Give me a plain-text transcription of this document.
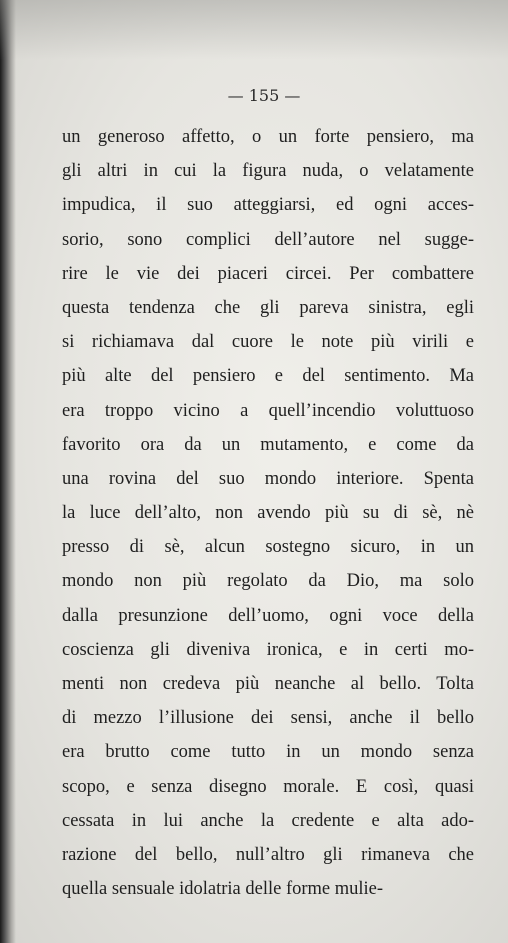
— 155 —
un generoso affetto, o un forte pensiero, ma
gli altri in cui la figura nuda, o velatamente
impudica, il suo atteggiarsi, ed ogni acces-
sorio, sono complici dell’autore nel sugge-
rire le vie dei piaceri circei. Per combattere
questa tendenza che gli pareva sinistra, egli
si richiamava dal cuore le note più virili e
più alte del pensiero e del sentimento. Ma
era troppo vicino a quell’incendio voluttuoso
favorito ora da un mutamento, e come da
una rovina del suo mondo interiore. Spenta
la luce dell’alto, non avendo più su di sè, nè
presso di sè, alcun sostegno sicuro, in un
mondo non più regolato da Dio, ma solo
dalla presunzione dell’uomo, ogni voce della
coscienza gli diveniva ironica, e in certi mo-
menti non credeva più neanche al bello. Tolta
di mezzo l’illusione dei sensi, anche il bello
era brutto come tutto in un mondo senza
scopo, e senza disegno morale. E così, quasi
cessata in lui anche la credente e alta ado-
razione del bello, null’altro gli rimaneva che
quella sensuale idolatria delle forme mulie-
